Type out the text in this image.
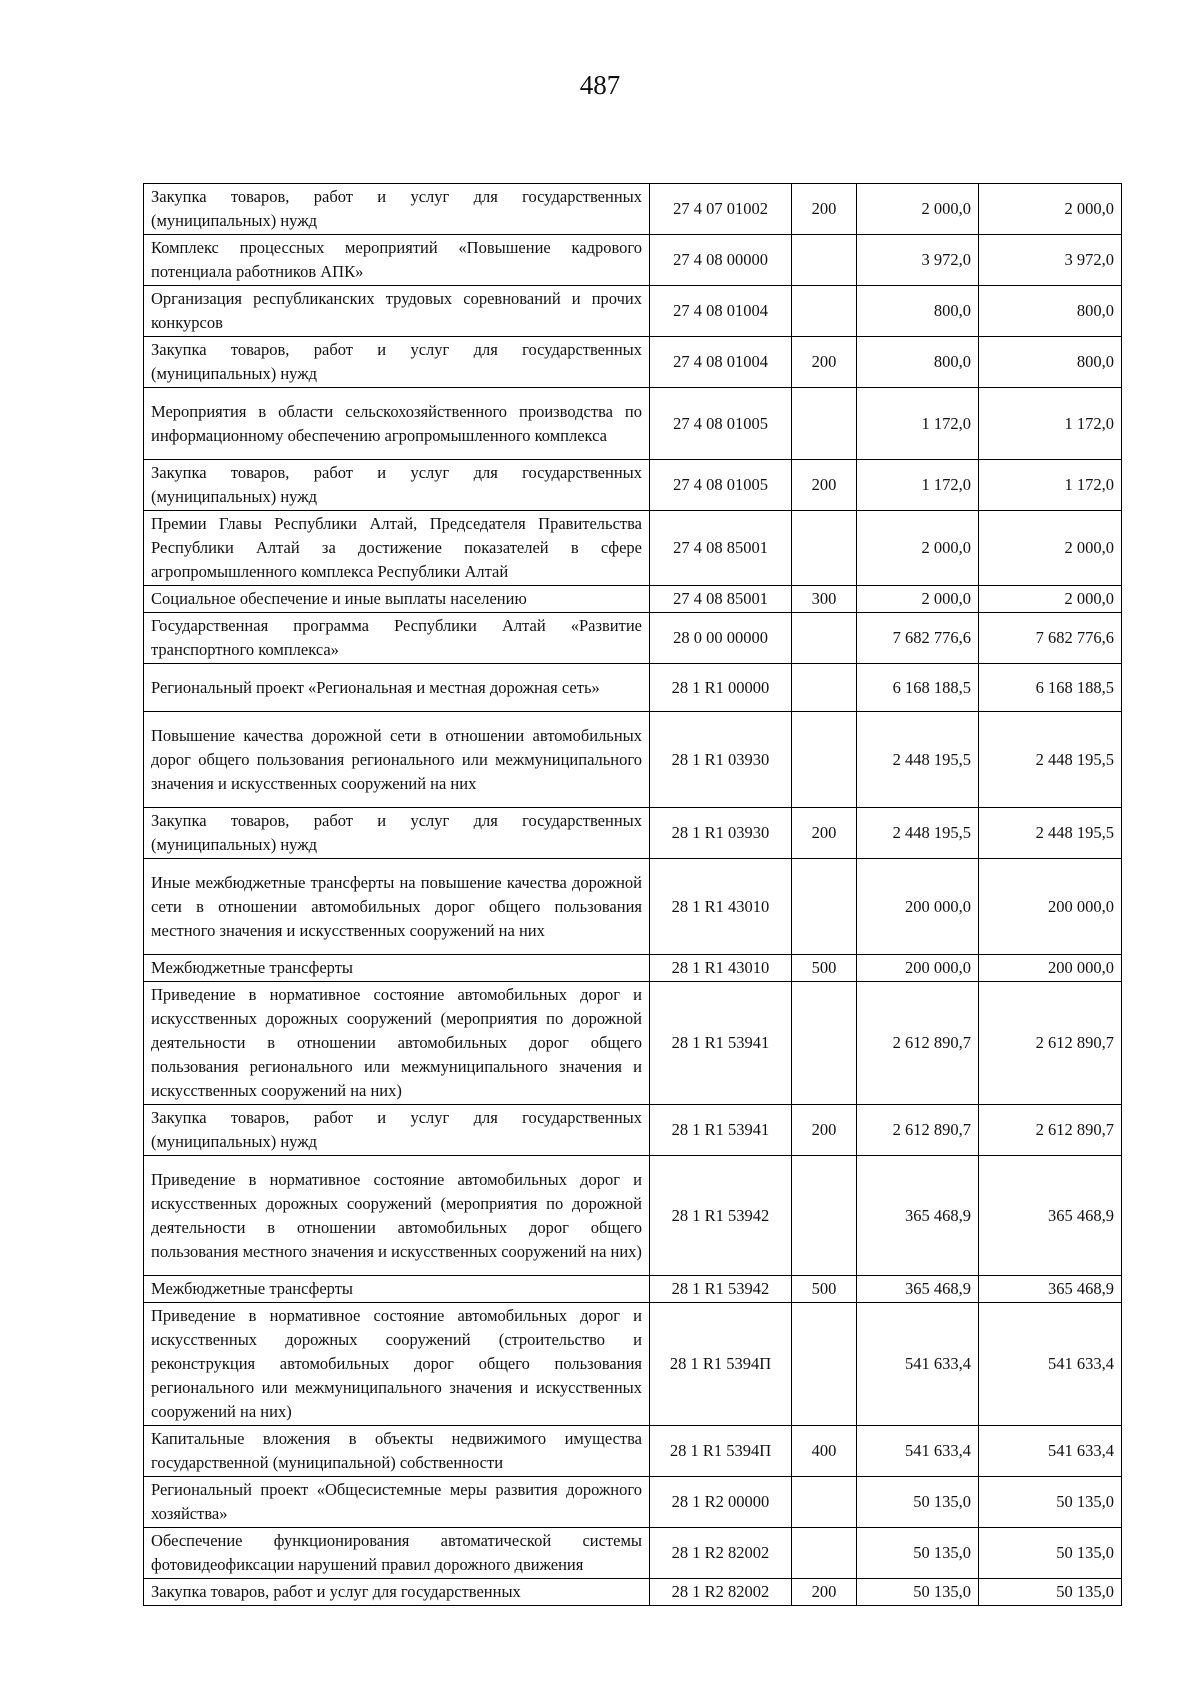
487
Закупка товаров, работ и услуг для государственных (муниципальных) нужд	27 4 07 01002	200	2 000,0	2 000,0
Комплекс процессных мероприятий «Повышение кадрового потенциала работников АПК»	27 4 08 00000		3 972,0	3 972,0
Организация республиканских трудовых соревнований и прочих конкурсов	27 4 08 01004		800,0	800,0
Закупка товаров, работ и услуг для государственных (муниципальных) нужд	27 4 08 01004	200	800,0	800,0
Мероприятия в области сельскохозяйственного производства по информационному обеспечению агропромышленного комплекса	27 4 08 01005		1 172,0	1 172,0
Закупка товаров, работ и услуг для государственных (муниципальных) нужд	27 4 08 01005	200	1 172,0	1 172,0
Премии Главы Республики Алтай, Председателя Правительства Республики Алтай за достижение показателей в сфере агропромышленного комплекса Республики Алтай	27 4 08 85001		2 000,0	2 000,0
Социальное обеспечение и иные выплаты населению	27 4 08 85001	300	2 000,0	2 000,0
Государственная программа Республики Алтай «Развитие транспортного комплекса»	28 0 00 00000		7 682 776,6	7 682 776,6
Региональный проект «Региональная и местная дорожная сеть»	28 1 R1 00000		6 168 188,5	6 168 188,5
Повышение качества дорожной сети в отношении автомобильных дорог общего пользования регионального или межмуниципального значения и искусственных сооружений на них	28 1 R1 03930		2 448 195,5	2 448 195,5
Закупка товаров, работ и услуг для государственных (муниципальных) нужд	28 1 R1 03930	200	2 448 195,5	2 448 195,5
Иные межбюджетные трансферты на повышение качества дорожной сети в отношении автомобильных дорог общего пользования местного значения и искусственных сооружений на них	28 1 R1 43010		200 000,0	200 000,0
Межбюджетные трансферты	28 1 R1 43010	500	200 000,0	200 000,0
Приведение в нормативное состояние автомобильных дорог и искусственных дорожных сооружений (мероприятия по дорожной деятельности в отношении автомобильных дорог общего пользования регионального или межмуниципального значения и искусственных сооружений на них)	28 1 R1 53941		2 612 890,7	2 612 890,7
Закупка товаров, работ и услуг для государственных (муниципальных) нужд	28 1 R1 53941	200	2 612 890,7	2 612 890,7
Приведение в нормативное состояние автомобильных дорог и искусственных дорожных сооружений (мероприятия по дорожной деятельности в отношении автомобильных дорог общего пользования местного значения и искусственных сооружений на них)	28 1 R1 53942		365 468,9	365 468,9
Межбюджетные трансферты	28 1 R1 53942	500	365 468,9	365 468,9
Приведение в нормативное состояние автомобильных дорог и искусственных дорожных сооружений (строительство и реконструкция автомобильных дорог общего пользования регионального или межмуниципального значения и искусственных сооружений на них)	28 1 R1 5394П		541 633,4	541 633,4
Капитальные вложения в объекты недвижимого имущества государственной (муниципальной) собственности	28 1 R1 5394П	400	541 633,4	541 633,4
Региональный проект «Общесистемные меры развития дорожного хозяйства»	28 1 R2 00000		50 135,0	50 135,0
Обеспечение функционирования автоматической системы фотовидеофиксации нарушений правил дорожного движения	28 1 R2 82002		50 135,0	50 135,0
Закупка товаров, работ и услуг для государственных	28 1 R2 82002	200	50 135,0	50 135,0
